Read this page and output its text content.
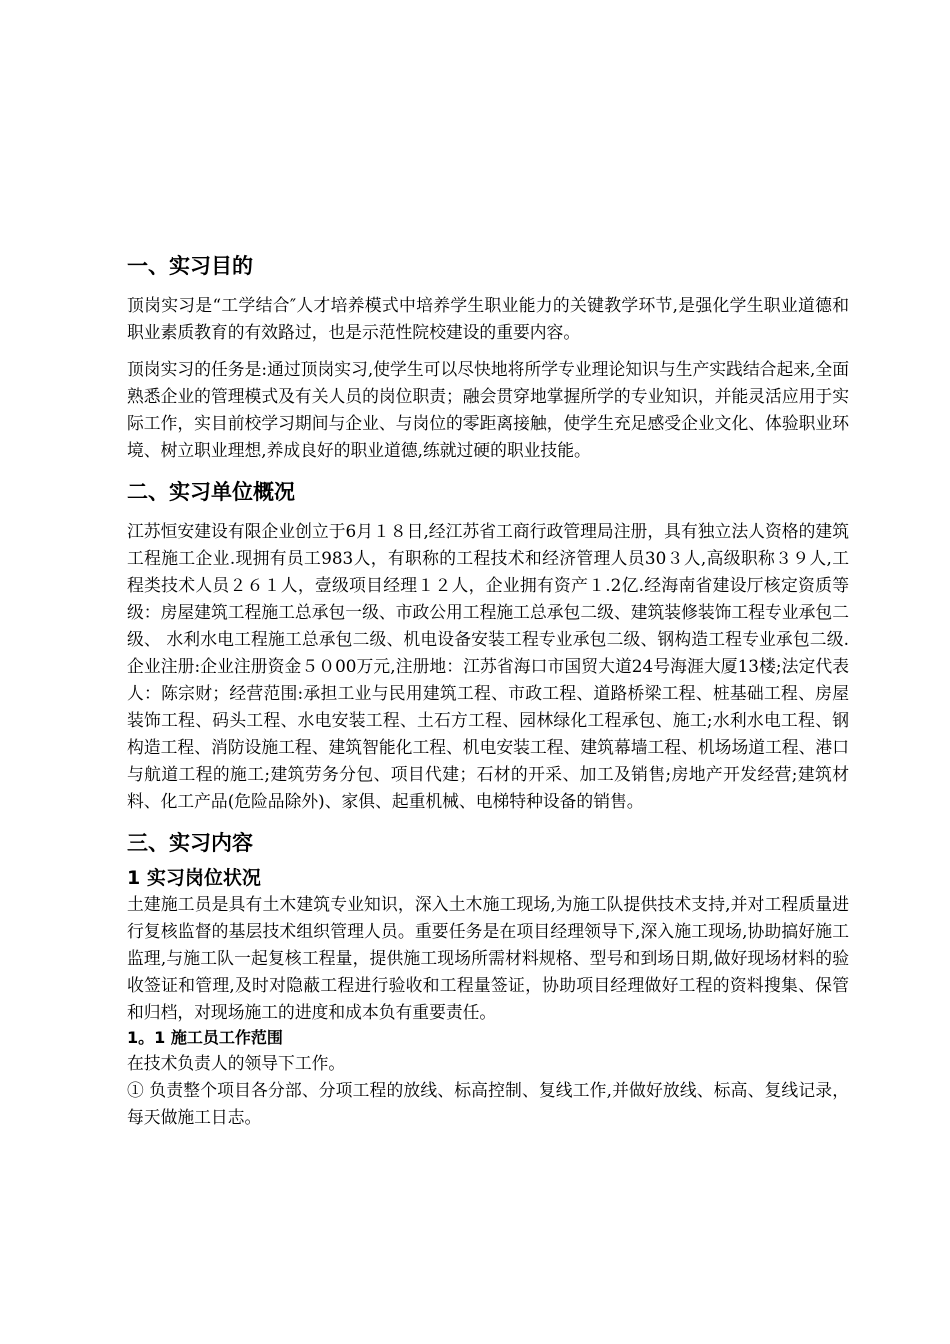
一、实习目的

顶岗实习是“工学结合″人才培养模式中培养学生职业能力的关键教学环节,是强化学生职业道德和职业素质教育的有效路过，也是示范性院校建设的重要内容。

顶岗实习的任务是:通过顶岗实习,使学生可以尽快地将所学专业理论知识与生产实践结合起来,全面熟悉企业的管理模式及有关人员的岗位职责；融会贯穿地掌握所学的专业知识，并能灵活应用于实际工作，实目前校学习期间与企业、与岗位的零距离接触，使学生充足感受企业文化、体验职业环境、树立职业理想,养成良好的职业道德,练就过硬的职业技能。

二、实习单位概况

江苏恒安建设有限企业创立于6月１８日,经江苏省工商行政管理局注册，具有独立法人资格的建筑工程施工企业.现拥有员工983人，有职称的工程技术和经济管理人员30３人,高级职称３９人,工程类技术人员２６１人，壹级项目经理１２人，企业拥有资产１.2亿.经海南省建设厅核定资质等级：房屋建筑工程施工总承包一级、市政公用工程施工总承包二级、建筑装修装饰工程专业承包二级、 水利水电工程施工总承包二级、机电设备安装工程专业承包二级、钢构造工程专业承包二级.企业注册:企业注册资金５０00万元,注册地：江苏省海口市国贸大道24号海涯大厦13楼;法定代表人：陈宗财；经营范围:承担工业与民用建筑工程、市政工程、道路桥梁工程、桩基础工程、房屋装饰工程、码头工程、水电安装工程、土石方工程、园林绿化工程承包、施工;水利水电工程、钢构造工程、消防设施工程、建筑智能化工程、机电安装工程、建筑幕墙工程、机场场道工程、港口与航道工程的施工;建筑劳务分包、项目代建；石材的开采、加工及销售;房地产开发经营;建筑材料、化工产品(危险品除外)、家俱、起重机械、电梯特种设备的销售。

三、实习内容
1 实习岗位状况

土建施工员是具有土木建筑专业知识，深入土木施工现场,为施工队提供技术支持,并对工程质量进行复核监督的基层技术组织管理人员。重要任务是在项目经理领导下,深入施工现场,协助搞好施工监理,与施工队一起复核工程量，提供施工现场所需材料规格、型号和到场日期,做好现场材料的验收签证和管理,及时对隐蔽工程进行验收和工程量签证，协助项目经理做好工程的资料搜集、保管和归档，对现场施工的进度和成本负有重要责任。

1。1 施工员工作范围

在技术负责人的领导下工作。

① 负责整个项目各分部、分项工程的放线、标高控制、复线工作,并做好放线、标高、复线记录，每天做施工日志。
